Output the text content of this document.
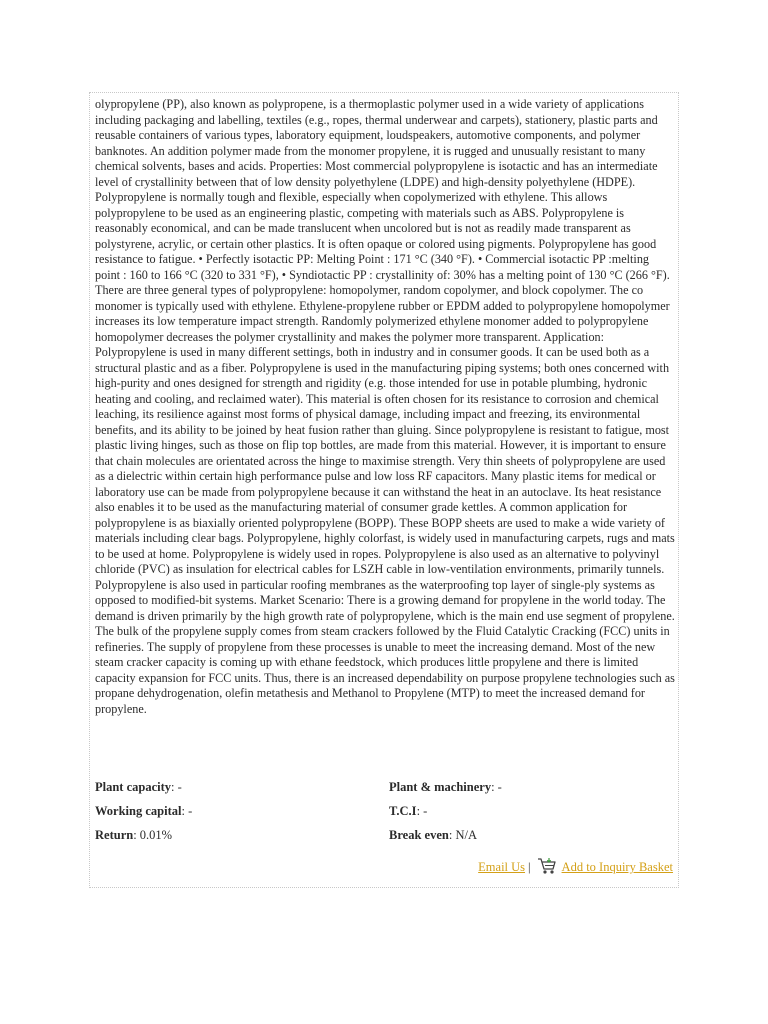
olypropylene (PP), also known as polypropene, is a thermoplastic polymer used in a wide variety of applications including packaging and labelling, textiles (e.g., ropes, thermal underwear and carpets), stationery, plastic parts and reusable containers of various types, laboratory equipment, loudspeakers, automotive components, and polymer banknotes. An addition polymer made from the monomer propylene, it is rugged and unusually resistant to many chemical solvents, bases and acids. Properties: Most commercial polypropylene is isotactic and has an intermediate level of crystallinity between that of low density polyethylene (LDPE) and high-density polyethylene (HDPE). Polypropylene is normally tough and flexible, especially when copolymerized with ethylene. This allows polypropylene to be used as an engineering plastic, competing with materials such as ABS. Polypropylene is reasonably economical, and can be made translucent when uncolored but is not as readily made transparent as polystyrene, acrylic, or certain other plastics. It is often opaque or colored using pigments. Polypropylene has good resistance to fatigue. • Perfectly isotactic PP: Melting Point : 171 °C (340 °F). • Commercial isotactic PP :melting point : 160 to 166 °C (320 to 331 °F), • Syndiotactic PP : crystallinity of: 30% has a melting point of 130 °C (266 °F). There are three general types of polypropylene: homopolymer, random copolymer, and block copolymer. The co monomer is typically used with ethylene. Ethylene-propylene rubber or EPDM added to polypropylene homopolymer increases its low temperature impact strength. Randomly polymerized ethylene monomer added to polypropylene homopolymer decreases the polymer crystallinity and makes the polymer more transparent. Application: Polypropylene is used in many different settings, both in industry and in consumer goods. It can be used both as a structural plastic and as a fiber. Polypropylene is used in the manufacturing piping systems; both ones concerned with high-purity and ones designed for strength and rigidity (e.g. those intended for use in potable plumbing, hydronic heating and cooling, and reclaimed water). This material is often chosen for its resistance to corrosion and chemical leaching, its resilience against most forms of physical damage, including impact and freezing, its environmental benefits, and its ability to be joined by heat fusion rather than gluing. Since polypropylene is resistant to fatigue, most plastic living hinges, such as those on flip top bottles, are made from this material. However, it is important to ensure that chain molecules are orientated across the hinge to maximise strength. Very thin sheets of polypropylene are used as a dielectric within certain high performance pulse and low loss RF capacitors. Many plastic items for medical or laboratory use can be made from polypropylene because it can withstand the heat in an autoclave. Its heat resistance also enables it to be used as the manufacturing material of consumer grade kettles. A common application for polypropylene is as biaxially oriented polypropylene (BOPP). These BOPP sheets are used to make a wide variety of materials including clear bags. Polypropylene, highly colorfast, is widely used in manufacturing carpets, rugs and mats to be used at home. Polypropylene is widely used in ropes. Polypropylene is also used as an alternative to polyvinyl chloride (PVC) as insulation for electrical cables for LSZH cable in low-ventilation environments, primarily tunnels. Polypropylene is also used in particular roofing membranes as the waterproofing top layer of single-ply systems as opposed to modified-bit systems. Market Scenario: There is a growing demand for propylene in the world today. The demand is driven primarily by the high growth rate of polypropylene, which is the main end use segment of propylene. The bulk of the propylene supply comes from steam crackers followed by the Fluid Catalytic Cracking (FCC) units in refineries. The supply of propylene from these processes is unable to meet the increasing demand. Most of the new steam cracker capacity is coming up with ethane feedstock, which produces little propylene and there is limited capacity expansion for FCC units. Thus, there is an increased dependability on purpose propylene technologies such as propane dehydrogenation, olefin metathesis and Methanol to Propylene (MTP) to meet the increased demand for propylene.

Plant capacity: -	Plant & machinery: -
Working capital: -	T.C.I: -
Return: 0.01%	Break even: N/A
Email Us | Add to Inquiry Basket
